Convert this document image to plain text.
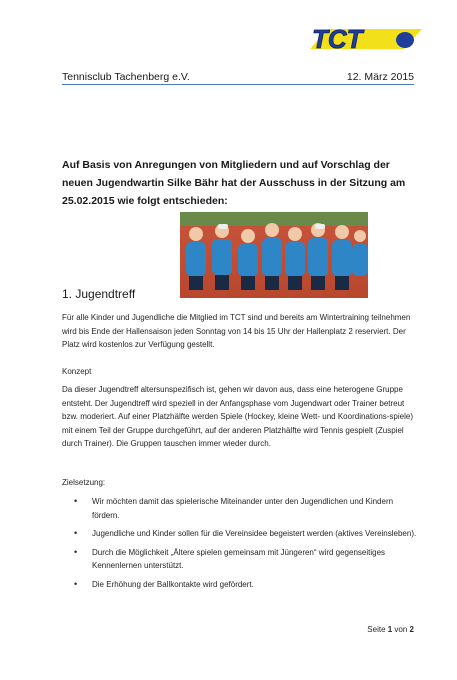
TCT
Tennisclub Tachenberg e.V.	12. März 2015
Auf Basis von Anregungen von Mitgliedern und auf Vorschlag der neuen Jugendwartin Silke Bähr hat der Ausschuss in der Sitzung am 25.02.2015 wie folgt entschieden:
1. Jugendtreff
Für alle Kinder und Jugendliche die Mitglied im TCT sind und bereits am Wintertraining teilnehmen wird bis Ende der Hallensaison jeden Sonntag von 14 bis 15 Uhr der Hallenplatz 2 reserviert. Der Platz wird kostenlos zur Verfügung gestellt.
Konzept
Da dieser Jugendtreff altersunspezifisch ist, gehen wir davon aus, dass eine heterogene Gruppe entsteht. Der Jugendtreff wird speziell in der Anfangsphase vom Jugendwart oder Trainer betreut bzw. moderiert. Auf einer Platzhälfte werden Spiele (Hockey, kleine Wett- und Koordinations-spiele) mit einem Teil der Gruppe durchgeführt, auf der anderen Platzhälfte wird Tennis gespielt (Zuspiel durch Trainer). Die Gruppen tauschen immer wieder durch.
Zielsetzung:
• Wir möchten damit das spielerische Miteinander unter den Jugendlichen und Kindern fördern.
• Jugendliche und Kinder sollen für die Vereinsidee begeistert werden (aktives Vereinsleben).
• Durch die Möglichkeit „Ältere spielen gemeinsam mit Jüngeren“ wird gegenseitiges Kennenlernen unterstützt.
• Die Erhöhung der Ballkontakte wird gefördert.
Seite 1 von 2
